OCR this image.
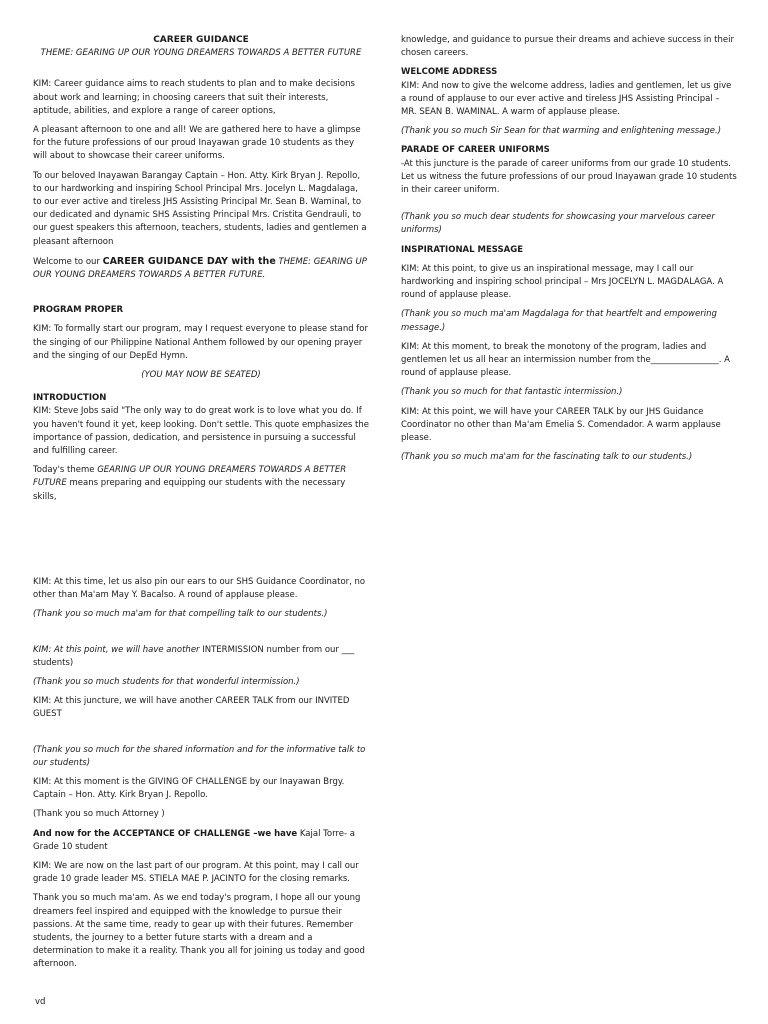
CAREER GUIDANCE
THEME: GEARING UP OUR YOUNG DREAMERS TOWARDS A BETTER FUTURE

KIM: Career guidance aims to reach students to plan and to make decisions about work and learning; in choosing careers that suit their interests, aptitude, abilities, and explore a range of career options,

A pleasant afternoon to one and all! We are gathered here to have a glimpse for the future professions of our proud Inayawan grade 10 students as they will about to showcase their career uniforms.

To our beloved Inayawan Barangay Captain – Hon. Atty. Kirk Bryan J. Repollo, to our hardworking and inspiring School Principal Mrs. Jocelyn L. Magdalaga, to our ever active and tireless JHS Assisting Principal Mr. Sean B. Waminal, to our dedicated and dynamic SHS Assisting Principal Mrs. Cristita Gendrauli, to our guest speakers this afternoon, teachers, students, ladies and gentlemen a pleasant afternoon

Welcome to our CAREER GUIDANCE DAY with the THEME: GEARING UP OUR YOUNG DREAMERS TOWARDS A BETTER FUTURE.

PROGRAM PROPER

KIM: To formally start our program, may I request everyone to please stand for the singing of our Philippine National Anthem followed by our opening prayer and the singing of our DepEd Hymn.

(YOU MAY NOW BE SEATED)

INTRODUCTION

KIM: Steve Jobs said "The only way to do great work is to love what you do. If you haven't found it yet, keep looking. Don't settle. This quote emphasizes the importance of passion, dedication, and persistence in pursuing a successful and fulfilling career.

Today's theme GEARING UP OUR YOUNG DREAMERS TOWARDS A BETTER FUTURE means preparing and equipping our students with the necessary skills,

KIM: At this time, let us also pin our ears to our SHS Guidance Coordinator, no other than Ma'am May Y. Bacalso. A round of applause please.

(Thank you so much ma'am for that compelling talk to our students.)

KIM: At this point, we will have another INTERMISSION number from our ___ students)

(Thank you so much students for that wonderful intermission.)

KIM: At this juncture, we will have another CAREER TALK from our INVITED GUEST

(Thank you so much for the shared information and for the informative talk to our students)

KIM: At this moment is the GIVING OF CHALLENGE by our Inayawan Brgy. Captain – Hon. Atty. Kirk Bryan J. Repollo.

(Thank you so much Attorney )

And now for the ACCEPTANCE OF CHALLENGE –we have Kajal Torre- a Grade 10 student

KIM: We are now on the last part of our program. At this point, may I call our grade 10 grade leader MS. STIELA MAE P. JACINTO for the closing remarks.

Thank you so much ma'am. As we end today's program, I hope all our young dreamers feel inspired and equipped with the knowledge to pursue their passions. At the same time, ready to gear up with their futures. Remember students, the journey to a better future starts with a dream and a determination to make it a reality. Thank you all for joining us today and good afternoon.

knowledge, and guidance to pursue their dreams and achieve success in their chosen careers.

WELCOME ADDRESS

KIM: And now to give the welcome address, ladies and gentlemen, let us give a round of applause to our ever active and tireless JHS Assisting Principal – MR. SEAN B. WAMINAL. A warm of applause please.

(Thank you so much Sir Sean for that warming and enlightening message.)

PARADE OF CAREER UNIFORMS

-At this juncture is the parade of career uniforms from our grade 10 students. Let us witness the future professions of our proud Inayawan grade 10 students in their career uniform.

(Thank you so much dear students for showcasing your marvelous career uniforms)

INSPIRATIONAL MESSAGE

KIM: At this point, to give us an inspirational message, may I call our hardworking and inspiring school principal – Mrs JOCELYN L. MAGDALAGA. A round of applause please.

(Thank you so much ma'am Magdalaga for that heartfelt and empowering message.)

KIM: At this moment, to break the monotony of the program, ladies and gentlemen let us all hear an intermission number from the________________. A round of applause please.

(Thank you so much for that fantastic intermission.)

KIM: At this point, we will have your CAREER TALK by our JHS Guidance Coordinator no other than Ma'am Emelia S. Comendador. A warm applause please.

(Thank you so much ma'am for the fascinating talk to our students.)

vd
